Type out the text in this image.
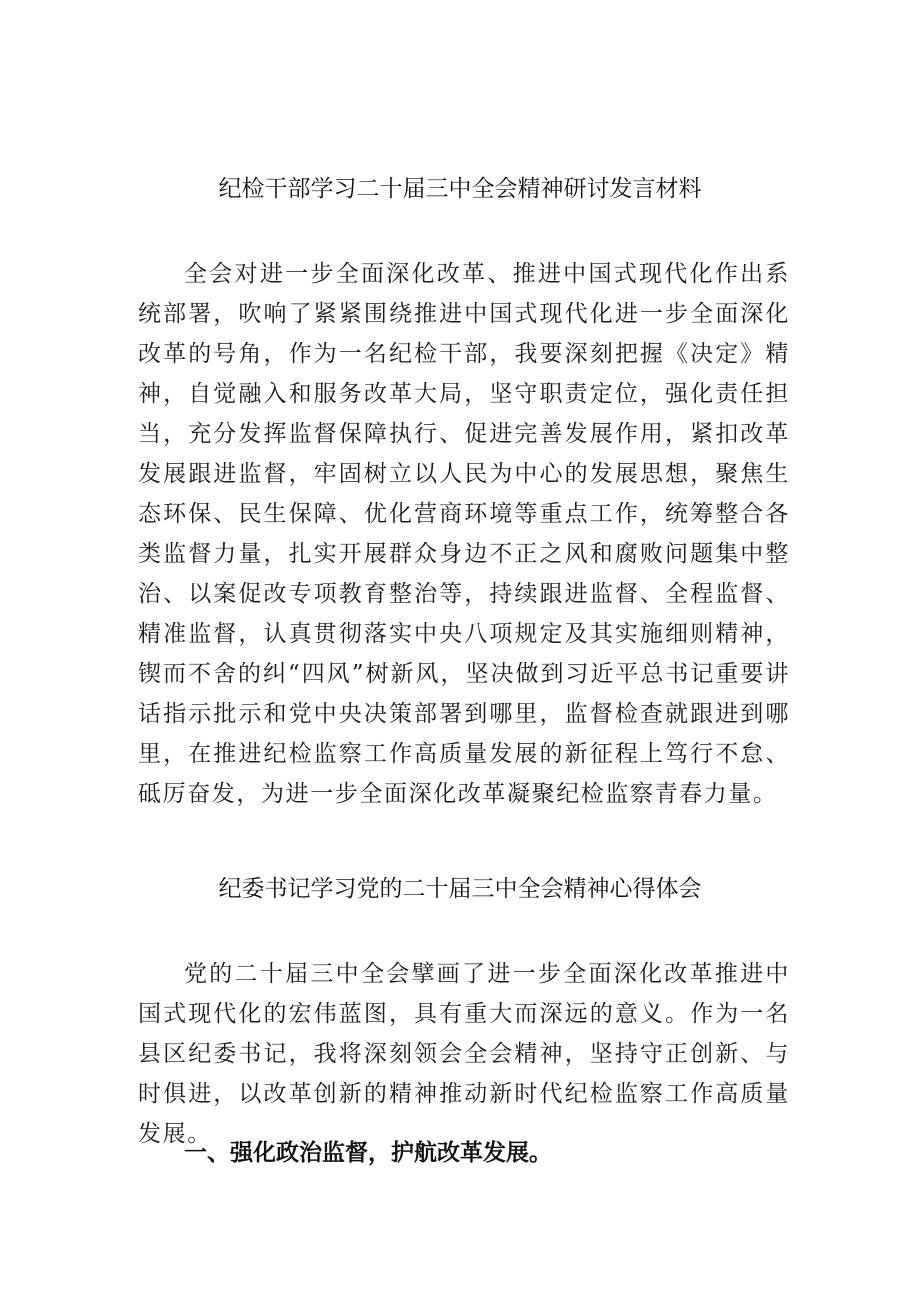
纪检干部学习二十届三中全会精神研讨发言材料

全会对进一步全面深化改革、推进中国式现代化作出系统部署，吹响了紧紧围绕推进中国式现代化进一步全面深化改革的号角，作为一名纪检干部，我要深刻把握《决定》精神，自觉融入和服务改革大局，坚守职责定位，强化责任担当，充分发挥监督保障执行、促进完善发展作用，紧扣改革发展跟进监督，牢固树立以人民为中心的发展思想，聚焦生态环保、民生保障、优化营商环境等重点工作，统筹整合各类监督力量，扎实开展群众身边不正之风和腐败问题集中整治、以案促改专项教育整治等，持续跟进监督、全程监督、精准监督，认真贯彻落实中央八项规定及其实施细则精神，锲而不舍的纠“四风”树新风，坚决做到习近平总书记重要讲话指示批示和党中央决策部署到哪里，监督检查就跟进到哪里，在推进纪检监察工作高质量发展的新征程上笃行不怠、砥厉奋发，为进一步全面深化改革凝聚纪检监察青春力量。

纪委书记学习党的二十届三中全会精神心得体会

党的二十届三中全会擘画了进一步全面深化改革推进中国式现代化的宏伟蓝图，具有重大而深远的意义。作为一名县区纪委书记，我将深刻领会全会精神，坚持守正创新、与时俱进，以改革创新的精神推动新时代纪检监察工作高质量发展。

一、强化政治监督，护航改革发展。
